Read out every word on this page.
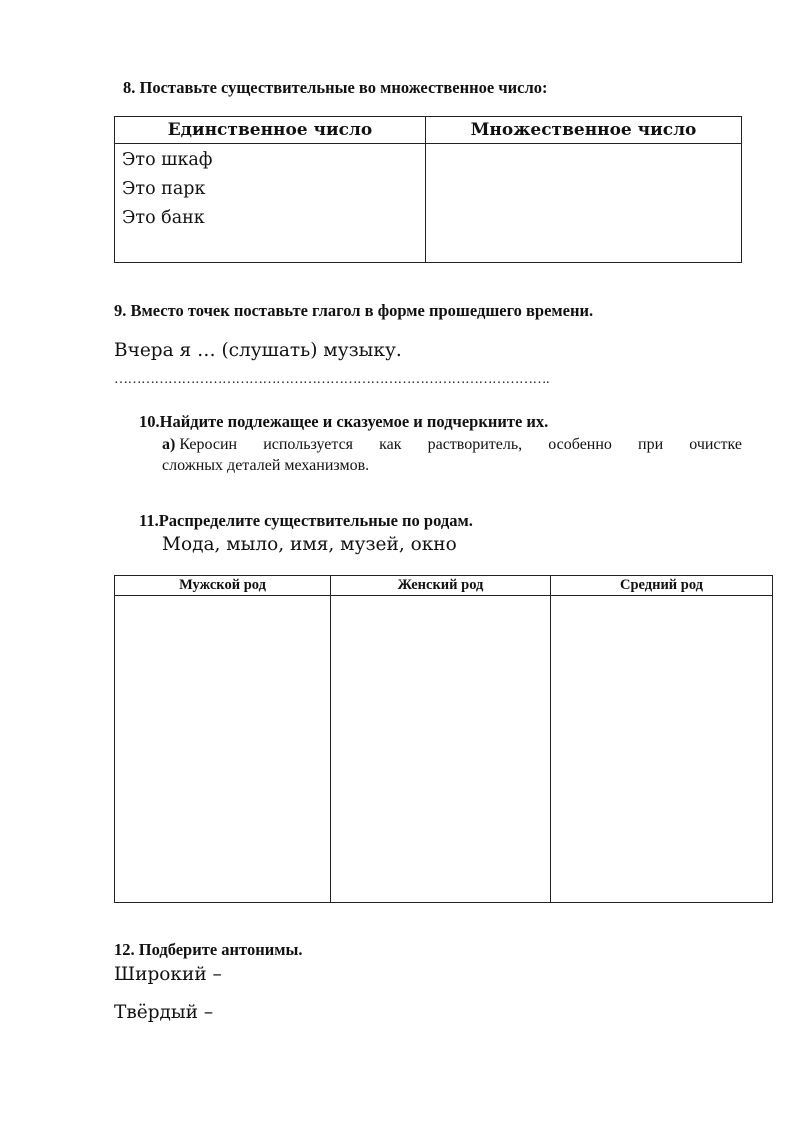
8. Поставьте существительные во множественное число:
Единственное число	Множественное число

Это шкаф
Это парк
Это банк	

9. Вместо точек поставьте глагол в форме прошедшего времени.
Вчера я … (слушать) музыку.
…………………………………………………………………………………….
10.Найдите подлежащее и сказуемое и подчеркните их.
а) Керосин используется как растворитель, особенно при очистке
сложных деталей механизмов.
11.Распределите существительные по родам.
Мода, мыло, имя, музей, окно
Мужской род	Женский род	Средний род

12. Подберите антонимы.
Широкий –
Твёрдый –
